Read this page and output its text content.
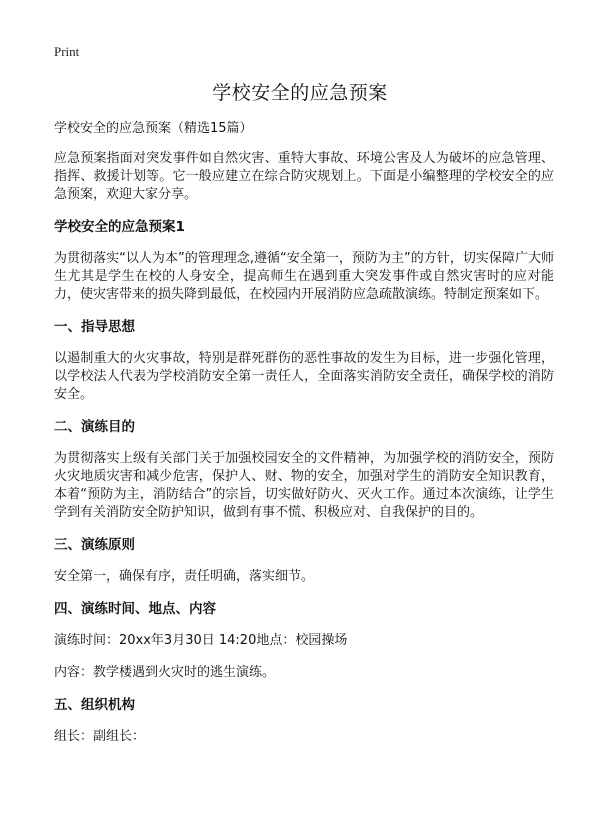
Print
学校安全的应急预案
学校安全的应急预案（精选15篇）

应急预案指面对突发事件如自然灾害、重特大事故、环境公害及人为破坏的应急管理、指挥、救援计划等。它一般应建立在综合防灾规划上。下面是小编整理的学校安全的应急预案，欢迎大家分享。

学校安全的应急预案1

为贯彻落实“以人为本”的管理理念,遵循“安全第一，预防为主”的方针，切实保障广大师生尤其是学生在校的人身安全，提高师生在遇到重大突发事件或自然灾害时的应对能力，使灾害带来的损失降到最低，在校园内开展消防应急疏散演练。特制定预案如下。

一、指导思想

以遏制重大的火灾事故，特别是群死群伤的恶性事故的发生为目标，进一步强化管理，以学校法人代表为学校消防安全第一责任人，全面落实消防安全责任，确保学校的消防安全。

二、演练目的

为贯彻落实上级有关部门关于加强校园安全的文件精神，为加强学校的消防安全，预防火灾地质灾害和减少危害，保护人、财、物的安全，加强对学生的消防安全知识教育，本着“预防为主，消防结合”的宗旨，切实做好防火、灭火工作。通过本次演练，让学生学到有关消防安全防护知识，做到有事不慌、积极应对、自我保护的目的。

三、演练原则

安全第一，确保有序，责任明确，落实细节。

四、演练时间、地点、内容

演练时间：20xx年3月30日 14:20地点：校园操场

内容：教学楼遇到火灾时的逃生演练。

五、组织机构

组长：副组长：
